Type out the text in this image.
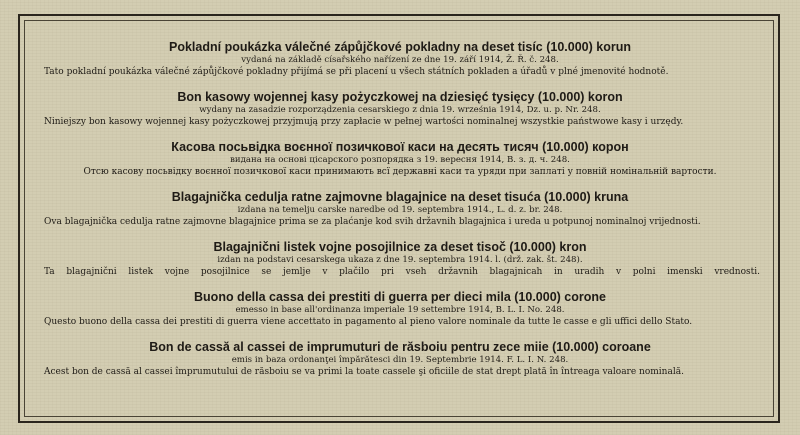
Pokladní poukázka válečné zápůjčkové pokladny na deset tisíc (10.000) korun
vydaná na základě císařského nařízení ze dne 19. září 1914, Ž. Ř. č. 248.
Tato pokladní poukázka válečné zápůjčkové pokladny přijímá se při placení u všech státních pokladen a úřadů v plné jmenovité hodnotě.
Bon kasowy wojennej kasy pożyczkowej na dziesięć tysięcy (10.000) koron
wydany na zasadzie rozporządzenia cesarskiego z dnia 19. września 1914, Dz. u. p. Nr. 248.
Niniejszy bon kasowy wojennej kasy pożyczkowej przyjmują przy zapłacie w pełnej wartości nominalnej wszystkie państwowe kasy i urzędy.
Касова посьвідка воєнної позичкової каси на десять тисяч (10.000) корон
видана на основі цісарского розпорядка з 19. вересня 1914, В. з. д. ч. 248.
Отсю касову посьвідку воєнної позичкової каси принимають всї державні каси та уряди при заплаті у повній номінальній вартости.
Blagajnička cedulja ratne zajmovne blagajnice na deset tisuća (10.000) kruna
izdana na temelju carske naredbe od 19. septembra 1914., L. d. z. br. 248.
Ova blagajnička cedulja ratne zajmovne blagajnice prima se za plaćanje kod svih državnih blagajnica i ureda u potpunoj nominalnoj vrijednosti.
Blagajnični listek vojne posojilnice za deset tisoč (10.000) kron
izdan na podstavi cesarskega ukaza z dne 19. septembra 1914. l. (drž. zak. št. 248).
Ta blagajnični listek vojne posojilnice se jemlje v plačilo pri vseh državnih blagajnicah in uradih v polni imenski vrednosti.
Buono della cassa dei prestiti di guerra per dieci mila (10.000) corone
emesso in base all'ordinanza imperiale 19 settembre 1914, B. L. I. No. 248.
Questo buono della cassa dei prestiti di guerra viene accettato in pagamento al pieno valore nominale da tutte le casse e gli uffici dello Stato.
Bon de cassă al cassei de imprumuturi de răsboiu pentru zece miie (10.000) coroane
emis in baza ordonanţei împărătesci din 19. Septembrie 1914. F. L. I. N. 248.
Acest bon de cassă al cassei împrumutului de răsboiu se va primi la toate cassele şi oficiile de stat drept plată în întreaga valoare nominală.
